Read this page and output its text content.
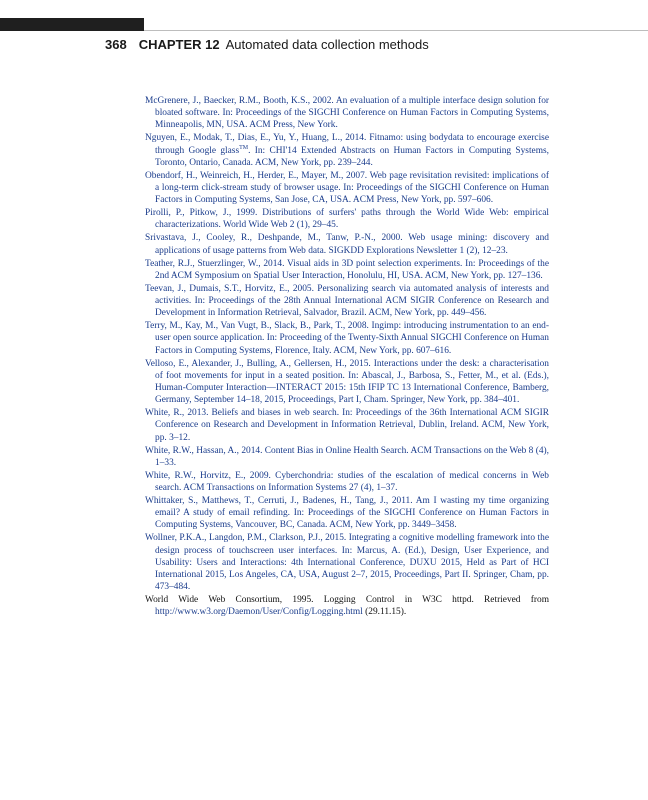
368 CHAPTER 12 Automated data collection methods
McGrenere, J., Baecker, R.M., Booth, K.S., 2002. An evaluation of a multiple interface design solution for bloated software. In: Proceedings of the SIGCHI Conference on Human Factors in Computing Systems, Minneapolis, MN, USA. ACM Press, New York.
Nguyen, E., Modak, T., Dias, E., Yu, Y., Huang, L., 2014. Fitnamo: using bodydata to encourage exercise through Google glass™. In: CHI'14 Extended Abstracts on Human Factors in Computing Systems, Toronto, Ontario, Canada. ACM, New York, pp. 239–244.
Obendorf, H., Weinreich, H., Herder, E., Mayer, M., 2007. Web page revisitation revisited: implications of a long-term click-stream study of browser usage. In: Proceedings of the SIGCHI Conference on Human Factors in Computing Systems, San Jose, CA, USA. ACM Press, New York, pp. 597–606.
Pirolli, P., Pitkow, J., 1999. Distributions of surfers' paths through the World Wide Web: empirical characterizations. World Wide Web 2 (1), 29–45.
Srivastava, J., Cooley, R., Deshpande, M., Tanw, P.-N., 2000. Web usage mining: discovery and applications of usage patterns from Web data. SIGKDD Explorations Newsletter 1 (2), 12–23.
Teather, R.J., Stuerzlinger, W., 2014. Visual aids in 3D point selection experiments. In: Proceedings of the 2nd ACM Symposium on Spatial User Interaction, Honolulu, HI, USA. ACM, New York, pp. 127–136.
Teevan, J., Dumais, S.T., Horvitz, E., 2005. Personalizing search via automated analysis of interests and activities. In: Proceedings of the 28th Annual International ACM SIGIR Conference on Research and Development in Information Retrieval, Salvador, Brazil. ACM, New York, pp. 449–456.
Terry, M., Kay, M., Van Vugt, B., Slack, B., Park, T., 2008. Ingimp: introducing instrumentation to an end-user open source application. In: Proceeding of the Twenty-Sixth Annual SIGCHI Conference on Human Factors in Computing Systems, Florence, Italy. ACM, New York, pp. 607–616.
Velloso, E., Alexander, J., Bulling, A., Gellersen, H., 2015. Interactions under the desk: a characterisation of foot movements for input in a seated position. In: Abascal, J., Barbosa, S., Fetter, M., et al. (Eds.), Human-Computer Interaction—INTERACT 2015: 15th IFIP TC 13 International Conference, Bamberg, Germany, September 14–18, 2015, Proceedings, Part I, Cham. Springer, New York, pp. 384–401.
White, R., 2013. Beliefs and biases in web search. In: Proceedings of the 36th International ACM SIGIR Conference on Research and Development in Information Retrieval, Dublin, Ireland. ACM, New York, pp. 3–12.
White, R.W., Hassan, A., 2014. Content Bias in Online Health Search. ACM Transactions on the Web 8 (4), 1–33.
White, R.W., Horvitz, E., 2009. Cyberchondria: studies of the escalation of medical concerns in Web search. ACM Transactions on Information Systems 27 (4), 1–37.
Whittaker, S., Matthews, T., Cerruti, J., Badenes, H., Tang, J., 2011. Am I wasting my time organizing email? A study of email refinding. In: Proceedings of the SIGCHI Conference on Human Factors in Computing Systems, Vancouver, BC, Canada. ACM, New York, pp. 3449–3458.
Wollner, P.K.A., Langdon, P.M., Clarkson, P.J., 2015. Integrating a cognitive modelling framework into the design process of touchscreen user interfaces. In: Marcus, A. (Ed.), Design, User Experience, and Usability: Users and Interactions: 4th International Conference, DUXU 2015, Held as Part of HCI International 2015, Los Angeles, CA, USA, August 2–7, 2015, Proceedings, Part II. Springer, Cham, pp. 473–484.
World Wide Web Consortium, 1995. Logging Control in W3C httpd. Retrieved from http://www.w3.org/Daemon/User/Config/Logging.html (29.11.15).
